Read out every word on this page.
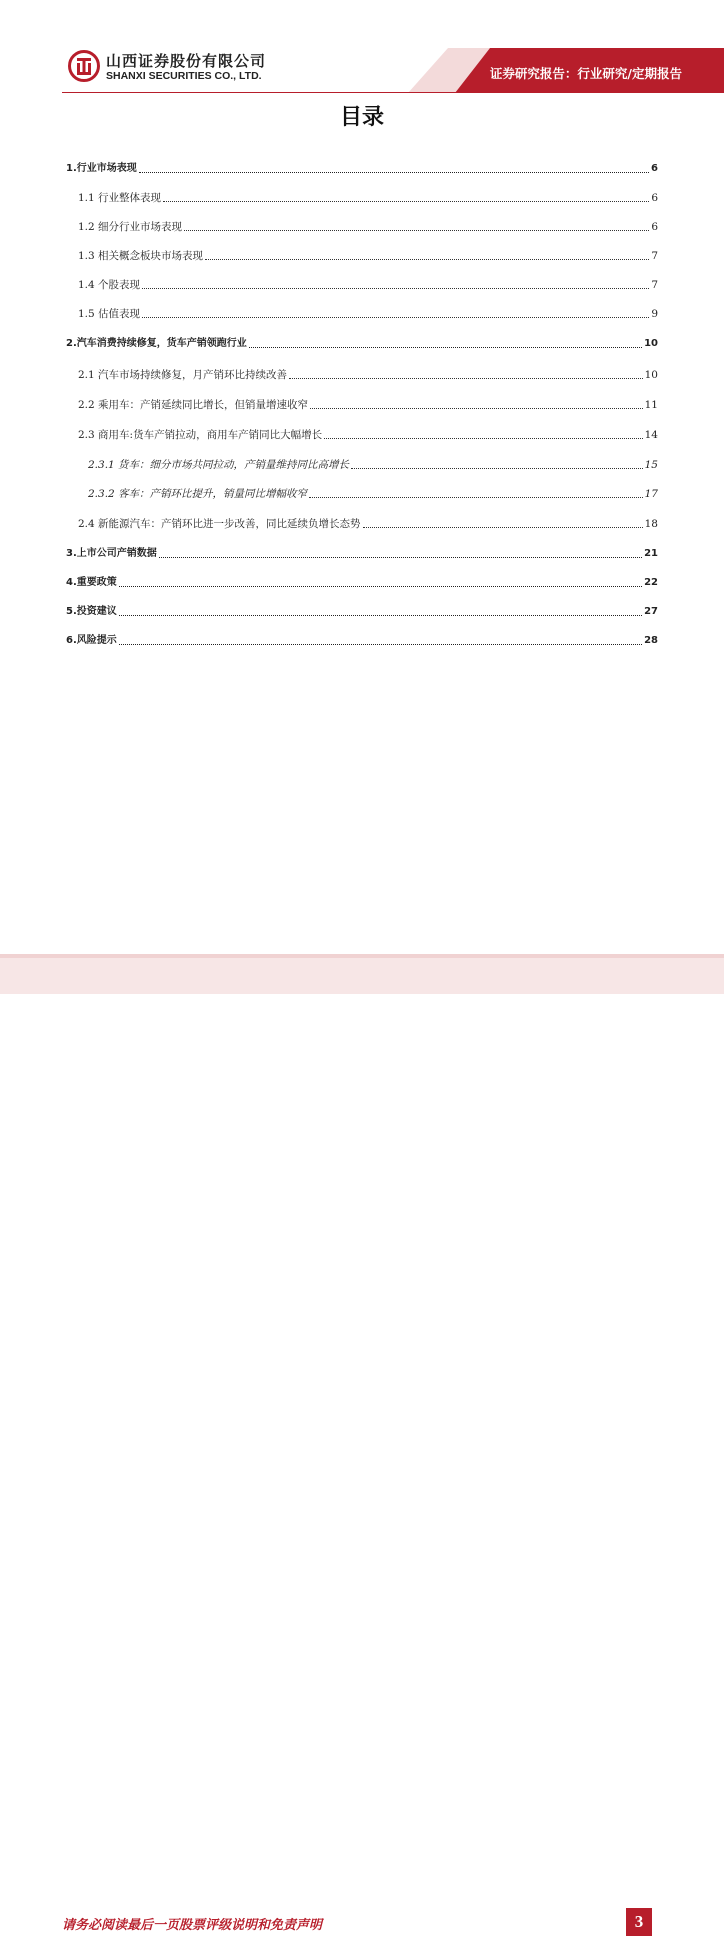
山西证券股份有限公司
SHANXI SECURITIES CO., LTD.	证券研究报告：行业研究/定期报告
目录
1.行业市场表现	6
1.1 行业整体表现	6
1.2 细分行业市场表现	6
1.3 相关概念板块市场表现	7
1.4 个股表现	7
1.5 估值表现	9
2.汽车消费持续修复，货车产销领跑行业	10
2.1 汽车市场持续修复，月产销环比持续改善	10
2.2 乘用车：产销延续同比增长，但销量增速收窄	11
2.3 商用车:货车产销拉动，商用车产销同比大幅增长	14
2.3.1 货车：细分市场共同拉动，产销量维持同比高增长	15
2.3.2 客车：产销环比提升，销量同比增幅收窄	17
2.4 新能源汽车：产销环比进一步改善，同比延续负增长态势	18
3.上市公司产销数据	21
4.重要政策	22
5.投资建议	27
6.风险提示	28
请务必阅读最后一页股票评级说明和免责声明	3
